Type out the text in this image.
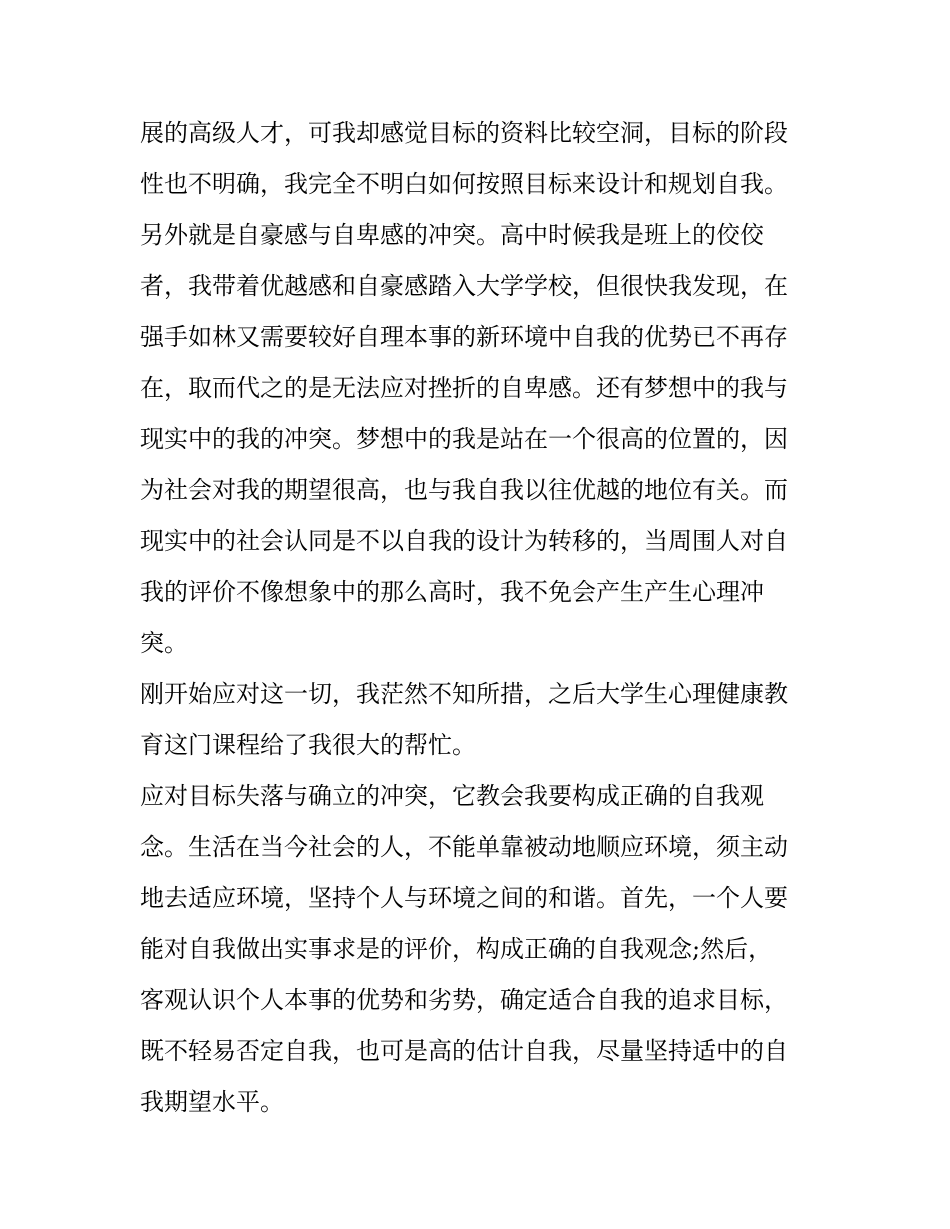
展的高级人才，可我却感觉目标的资料比较空洞，目标的阶段
性也不明确，我完全不明白如何按照目标来设计和规划自我。
另外就是自豪感与自卑感的冲突。高中时候我是班上的佼佼
者，我带着优越感和自豪感踏入大学学校，但很快我发现，在
强手如林又需要较好自理本事的新环境中自我的优势已不再存
在，取而代之的是无法应对挫折的自卑感。还有梦想中的我与
现实中的我的冲突。梦想中的我是站在一个很高的位置的，因
为社会对我的期望很高，也与我自我以往优越的地位有关。而
现实中的社会认同是不以自我的设计为转移的，当周围人对自
我的评价不像想象中的那么高时，我不免会产生产生心理冲
突。
刚开始应对这一切，我茫然不知所措，之后大学生心理健康教
育这门课程给了我很大的帮忙。
应对目标失落与确立的冲突，它教会我要构成正确的自我观
念。生活在当今社会的人，不能单靠被动地顺应环境，须主动
地去适应环境，坚持个人与环境之间的和谐。首先，一个人要
能对自我做出实事求是的评价，构成正确的自我观念;然后，
客观认识个人本事的优势和劣势，确定适合自我的追求目标，
既不轻易否定自我，也可是高的估计自我，尽量坚持适中的自
我期望水平。
